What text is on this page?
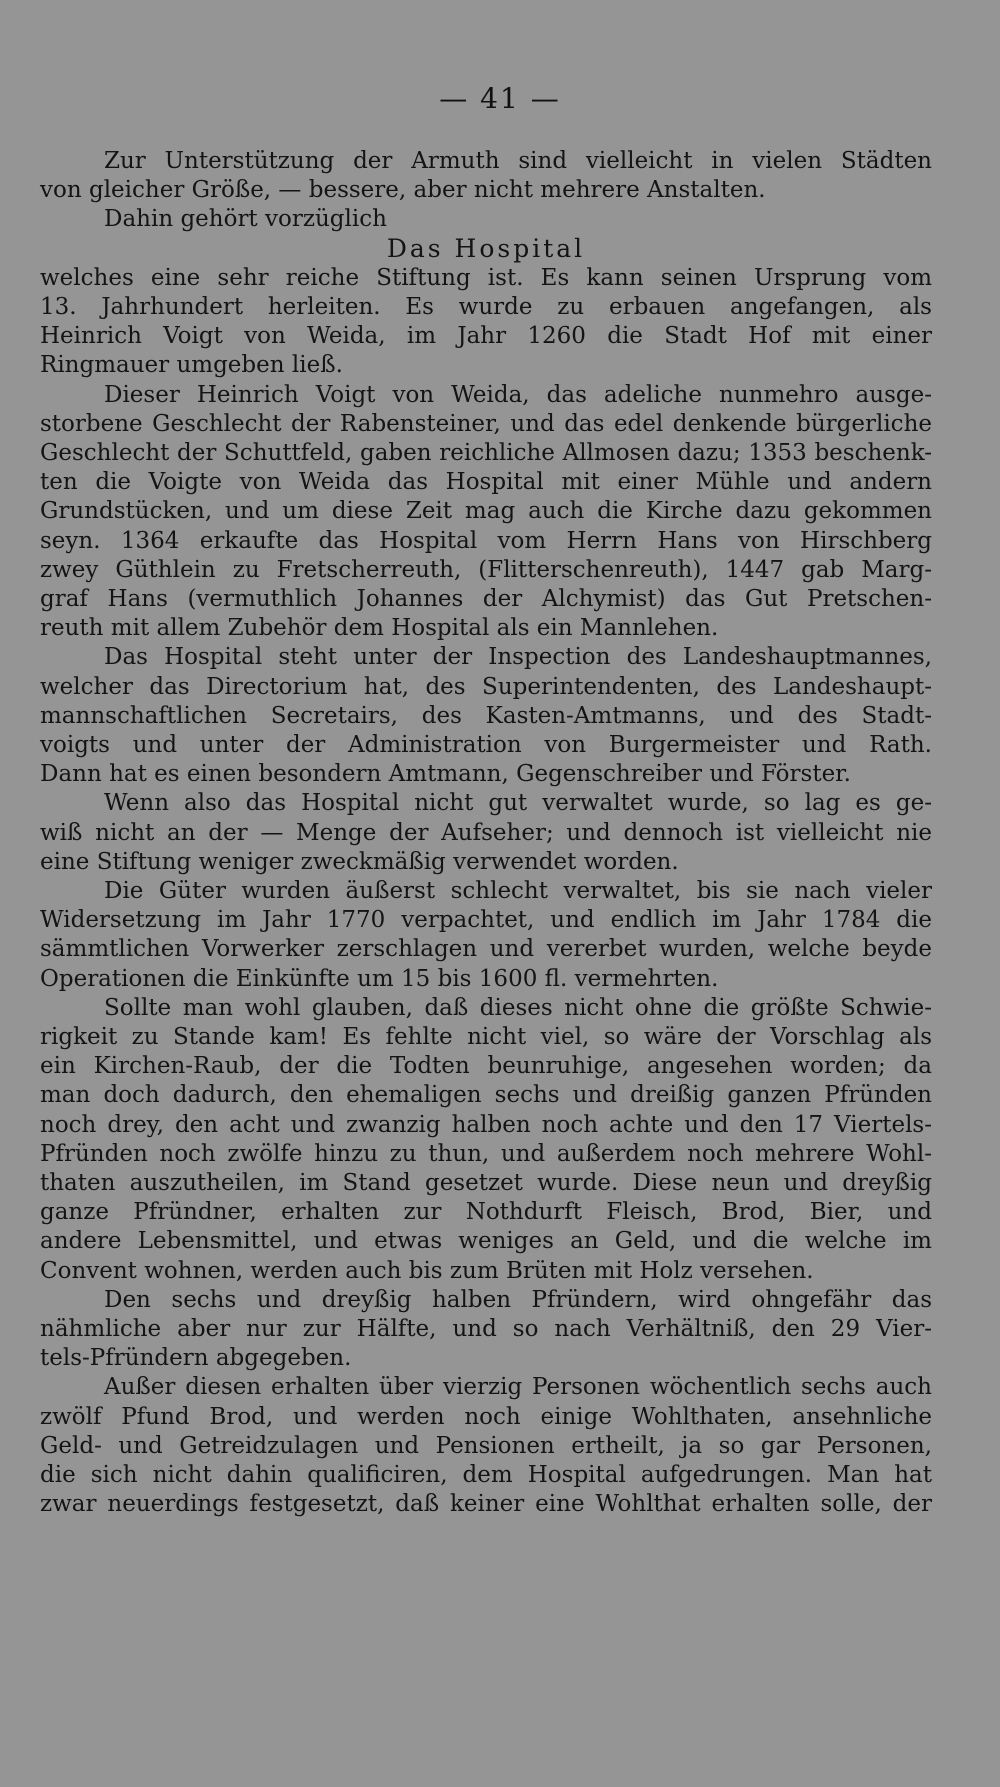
— 41 —
Zur Unterstützung der Armuth sind vielleicht in vielen Städten
von gleicher Größe, — bessere, aber nicht mehrere Anstalten.
Dahin gehört vorzüglich
Das Hospital
welches eine sehr reiche Stiftung ist. Es kann seinen Ursprung vom
13. Jahrhundert herleiten. Es wurde zu erbauen angefangen, als
Heinrich Voigt von Weida, im Jahr 1260 die Stadt Hof mit einer
Ringmauer umgeben ließ.
Dieser Heinrich Voigt von Weida, das adeliche nunmehro ausge-
storbene Geschlecht der Rabensteiner, und das edel denkende bürgerliche
Geschlecht der Schuttfeld, gaben reichliche Allmosen dazu; 1353 beschenk-
ten die Voigte von Weida das Hospital mit einer Mühle und andern
Grundstücken, und um diese Zeit mag auch die Kirche dazu gekommen
seyn. 1364 erkaufte das Hospital vom Herrn Hans von Hirschberg
zwey Güthlein zu Fretscherreuth, (Flitterschenreuth), 1447 gab Marg-
graf Hans (vermuthlich Johannes der Alchymist) das Gut Pretschen-
reuth mit allem Zubehör dem Hospital als ein Mannlehen.
Das Hospital steht unter der Inspection des Landeshauptmannes,
welcher das Directorium hat, des Superintendenten, des Landeshaupt-
mannschaftlichen Secretairs, des Kasten-Amtmanns, und des Stadt-
voigts und unter der Administration von Burgermeister und Rath.
Dann hat es einen besondern Amtmann, Gegenschreiber und Förster.
Wenn also das Hospital nicht gut verwaltet wurde, so lag es ge-
wiß nicht an der — Menge der Aufseher; und dennoch ist vielleicht nie
eine Stiftung weniger zweckmäßig verwendet worden.
Die Güter wurden äußerst schlecht verwaltet, bis sie nach vieler
Widersetzung im Jahr 1770 verpachtet, und endlich im Jahr 1784 die
sämmtlichen Vorwerker zerschlagen und vererbet wurden, welche beyde
Operationen die Einkünfte um 15 bis 1600 fl. vermehrten.
Sollte man wohl glauben, daß dieses nicht ohne die größte Schwie-
rigkeit zu Stande kam! Es fehlte nicht viel, so wäre der Vorschlag als
ein Kirchen-Raub, der die Todten beunruhige, angesehen worden; da
man doch dadurch, den ehemaligen sechs und dreißig ganzen Pfründen
noch drey, den acht und zwanzig halben noch achte und den 17 Viertels-
Pfründen noch zwölfe hinzu zu thun, und außerdem noch mehrere Wohl-
thaten auszutheilen, im Stand gesetzet wurde. Diese neun und dreyßig
ganze Pfründner, erhalten zur Nothdurft Fleisch, Brod, Bier, und
andere Lebensmittel, und etwas weniges an Geld, und die welche im
Convent wohnen, werden auch bis zum Brüten mit Holz versehen.
Den sechs und dreyßig halben Pfründern, wird ohngefähr das
nähmliche aber nur zur Hälfte, und so nach Verhältniß, den 29 Vier-
tels-Pfründern abgegeben.
Außer diesen erhalten über vierzig Personen wöchentlich sechs auch
zwölf Pfund Brod, und werden noch einige Wohlthaten, ansehnliche
Geld- und Getreidzulagen und Pensionen ertheilt, ja so gar Personen,
die sich nicht dahin qualificiren, dem Hospital aufgedrungen. Man hat
zwar neuerdings festgesetzt, daß keiner eine Wohlthat erhalten solle, der
